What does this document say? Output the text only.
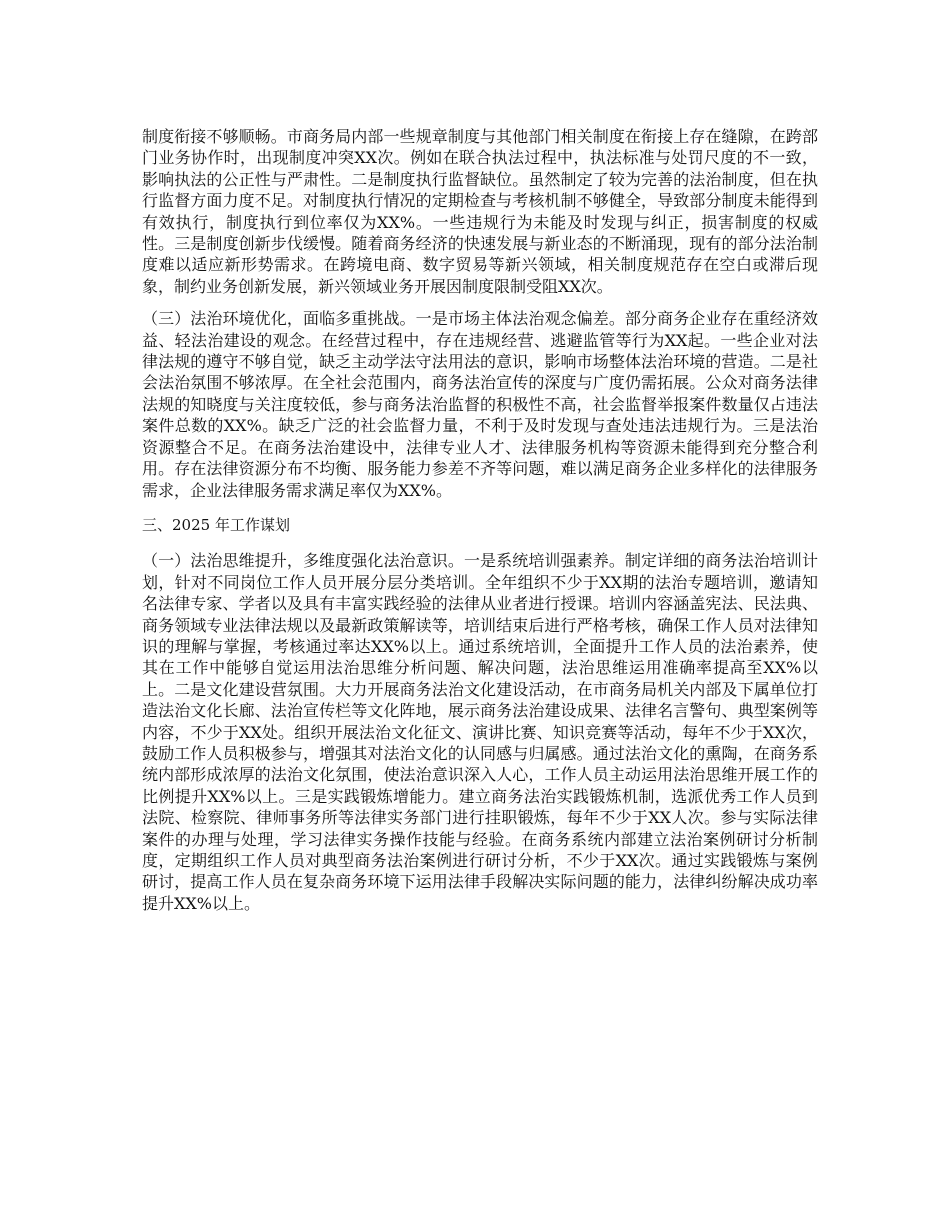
制度衔接不够顺畅。市商务局内部一些规章制度与其他部门相关制度在衔接上存在缝隙，在跨部门业务协作时，出现制度冲突XX次。例如在联合执法过程中，执法标准与处罚尺度的不一致，影响执法的公正性与严肃性。二是制度执行监督缺位。虽然制定了较为完善的法治制度，但在执行监督方面力度不足。对制度执行情况的定期检查与考核机制不够健全，导致部分制度未能得到有效执行，制度执行到位率仅为XX%。一些违规行为未能及时发现与纠正，损害制度的权威性。三是制度创新步伐缓慢。随着商务经济的快速发展与新业态的不断涌现，现有的部分法治制度难以适应新形势需求。在跨境电商、数字贸易等新兴领域，相关制度规范存在空白或滞后现象，制约业务创新发展，新兴领域业务开展因制度限制受阻XX次。

（三）法治环境优化，面临多重挑战。一是市场主体法治观念偏差。部分商务企业存在重经济效益、轻法治建设的观念。在经营过程中，存在违规经营、逃避监管等行为XX起。一些企业对法律法规的遵守不够自觉，缺乏主动学法守法用法的意识，影响市场整体法治环境的营造。二是社会法治氛围不够浓厚。在全社会范围内，商务法治宣传的深度与广度仍需拓展。公众对商务法律法规的知晓度与关注度较低，参与商务法治监督的积极性不高，社会监督举报案件数量仅占违法案件总数的XX%。缺乏广泛的社会监督力量，不利于及时发现与查处违法违规行为。三是法治资源整合不足。在商务法治建设中，法律专业人才、法律服务机构等资源未能得到充分整合利用。存在法律资源分布不均衡、服务能力参差不齐等问题，难以满足商务企业多样化的法律服务需求，企业法律服务需求满足率仅为XX%。

三、2025 年工作谋划

（一）法治思维提升，多维度强化法治意识。一是系统培训强素养。制定详细的商务法治培训计划，针对不同岗位工作人员开展分层分类培训。全年组织不少于XX期的法治专题培训，邀请知名法律专家、学者以及具有丰富实践经验的法律从业者进行授课。培训内容涵盖宪法、民法典、商务领域专业法律法规以及最新政策解读等，培训结束后进行严格考核，确保工作人员对法律知识的理解与掌握，考核通过率达XX%以上。通过系统培训，全面提升工作人员的法治素养，使其在工作中能够自觉运用法治思维分析问题、解决问题，法治思维运用准确率提高至XX%以上。二是文化建设营氛围。大力开展商务法治文化建设活动，在市商务局机关内部及下属单位打造法治文化长廊、法治宣传栏等文化阵地，展示商务法治建设成果、法律名言警句、典型案例等内容，不少于XX处。组织开展法治文化征文、演讲比赛、知识竞赛等活动，每年不少于XX次，鼓励工作人员积极参与，增强其对法治文化的认同感与归属感。通过法治文化的熏陶，在商务系统内部形成浓厚的法治文化氛围，使法治意识深入人心，工作人员主动运用法治思维开展工作的比例提升XX%以上。三是实践锻炼增能力。建立商务法治实践锻炼机制，选派优秀工作人员到法院、检察院、律师事务所等法律实务部门进行挂职锻炼，每年不少于XX人次。参与实际法律案件的办理与处理，学习法律实务操作技能与经验。在商务系统内部建立法治案例研讨分析制度，定期组织工作人员对典型商务法治案例进行研讨分析，不少于XX次。通过实践锻炼与案例研讨，提高工作人员在复杂商务环境下运用法律手段解决实际问题的能力，法律纠纷解决成功率提升XX%以上。
